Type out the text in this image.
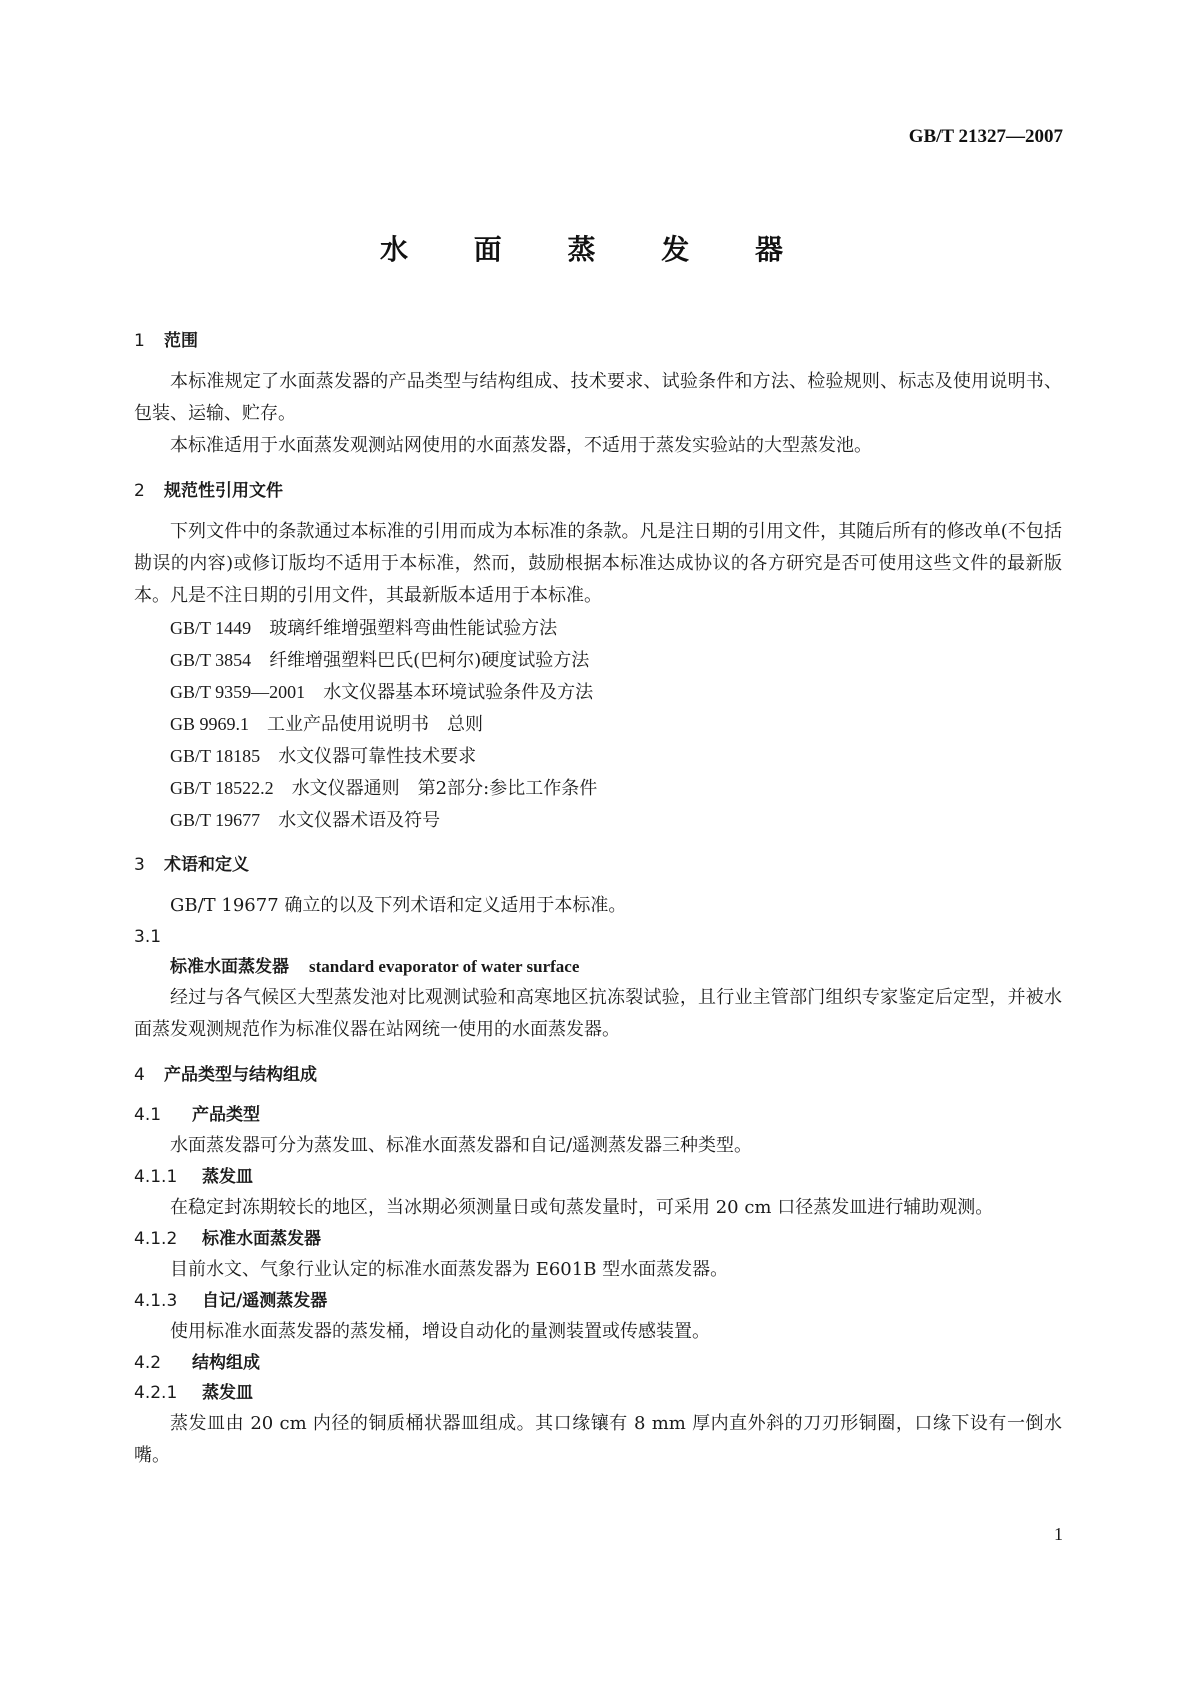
GB/T 21327—2007
水 面 蒸 发 器
1 范围

本标准规定了水面蒸发器的产品类型与结构组成、技术要求、试验条件和方法、检验规则、标志及使用说明书、包装、运输、贮存。

本标准适用于水面蒸发观测站网使用的水面蒸发器，不适用于蒸发实验站的大型蒸发池。

2 规范性引用文件

下列文件中的条款通过本标准的引用而成为本标准的条款。凡是注日期的引用文件，其随后所有的修改单(不包括勘误的内容)或修订版均不适用于本标准，然而，鼓励根据本标准达成协议的各方研究是否可使用这些文件的最新版本。凡是不注日期的引用文件，其最新版本适用于本标准。

GB/T 1449　 玻璃纤维增强塑料弯曲性能试验方法
GB/T 3854　 纤维增强塑料巴氏(巴柯尔)硬度试验方法
GB/T 9359—2001　 水文仪器基本环境试验条件及方法
GB 9969.1　 工业产品使用说明书　总则
GB/T 18185　 水文仪器可靠性技术要求
GB/T 18522.2　 水文仪器通则　第2部分:参比工作条件
GB/T 19677　 水文仪器术语及符号
3 术语和定义

GB/T 19677 确立的以及下列术语和定义适用于本标准。

3.1
标准水面蒸发器 standard evaporator of water surface

经过与各气候区大型蒸发池对比观测试验和高寒地区抗冻裂试验，且行业主管部门组织专家鉴定后定型，并被水面蒸发观测规范作为标准仪器在站网统一使用的水面蒸发器。

4 产品类型与结构组成
4.1 产品类型

水面蒸发器可分为蒸发皿、标准水面蒸发器和自记/遥测蒸发器三种类型。

4.1.1 蒸发皿

在稳定封冻期较长的地区，当冰期必须测量日或旬蒸发量时，可采用 20 cm 口径蒸发皿进行辅助观测。

4.1.2 标准水面蒸发器

目前水文、气象行业认定的标准水面蒸发器为 E601B 型水面蒸发器。

4.1.3 自记/遥测蒸发器

使用标准水面蒸发器的蒸发桶，增设自动化的量测装置或传感装置。

4.2 结构组成
4.2.1 蒸发皿

蒸发皿由 20 cm 内径的铜质桶状器皿组成。其口缘镶有 8 mm 厚内直外斜的刀刃形铜圈，口缘下设有一倒水嘴。

1
